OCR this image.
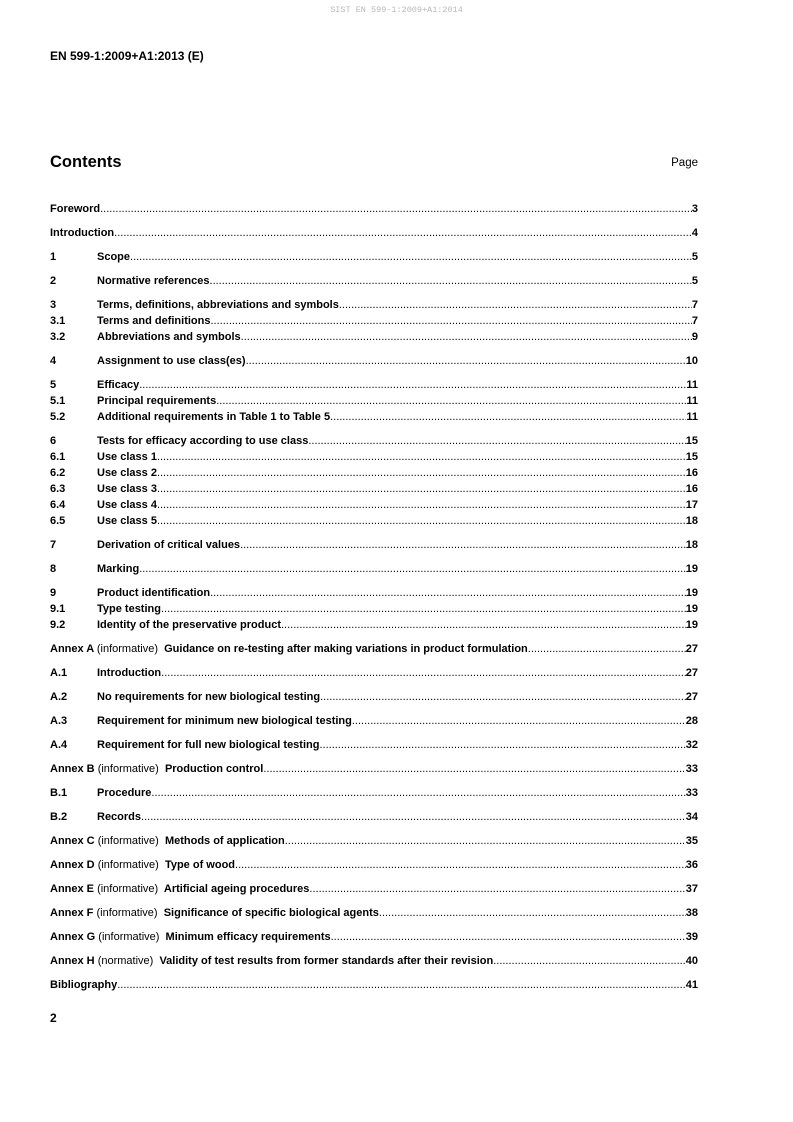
SIST EN 599-1:2009+A1:2014
EN 599-1:2009+A1:2013 (E)
Contents	Page
Foreword .....	3
Introduction .....	4
1	Scope .....	5
2	Normative references .....	5
3	Terms, definitions, abbreviations and symbols .....	7
3.1	Terms and definitions .....	7
3.2	Abbreviations and symbols .....	9
4	Assignment to use class(es) .....	10
5	Efficacy .....	11
5.1	Principal requirements .....	11
5.2	Additional requirements in Table 1 to Table 5 .....	11
6	Tests for efficacy according to use class .....	15
6.1	Use class 1 .....	15
6.2	Use class 2 .....	16
6.3	Use class 3 .....	16
6.4	Use class 4 .....	17
6.5	Use class 5 .....	18
7	Derivation of critical values .....	18
8	Marking .....	19
9	Product identification .....	19
9.1	Type testing .....	19
9.2	Identity of the preservative product .....	19
Annex A (informative) Guidance on re-testing after making variations in product formulation .....	27
A.1	Introduction .....	27
A.2	No requirements for new biological testing .....	27
A.3	Requirement for minimum new biological testing .....	28
A.4	Requirement for full new biological testing .....	32
Annex B (informative) Production control .....	33
B.1	Procedure .....	33
B.2	Records .....	34
Annex C (informative) Methods of application .....	35
Annex D (informative) Type of wood .....	36
Annex E (informative) Artificial ageing procedures .....	37
Annex F (informative) Significance of specific biological agents .....	38
Annex G (informative) Minimum efficacy requirements .....	39
Annex H (normative) Validity of test results from former standards after their revision .....	40
Bibliography .....	41
2
